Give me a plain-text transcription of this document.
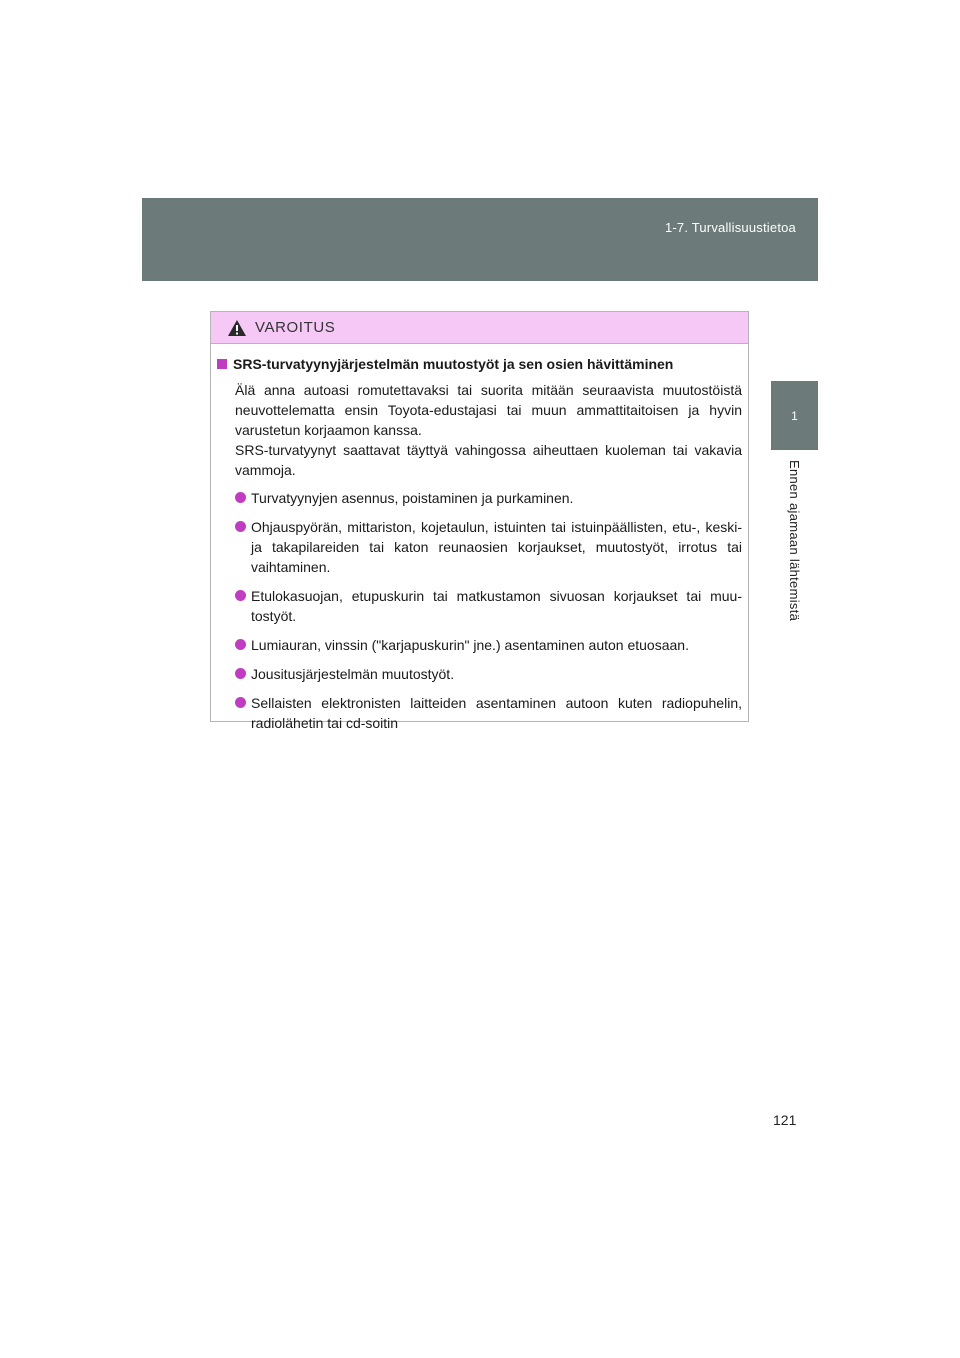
1-7. Turvallisuustietoa
1
Ennen ajamaan lähtemistä
VAROITUS
SRS-turvatyynyjärjestelmän muutostyöt ja sen osien hävittäminen

Älä anna autoasi romutettavaksi tai suorita mitään seuraavista muutostöistä neuvottelematta ensin Toyota-edustajasi tai muun ammattitaitoisen ja hyvin varustetun korjaamon kanssa.
SRS-turvatyynyt saattavat täyttyä vahingossa aiheuttaen kuoleman tai vakavia vammoja.

Turvatyynyjen asennus, poistaminen ja purkaminen.
Ohjauspyörän, mittariston, kojetaulun, istuinten tai istuinpäällisten, etu-, keski- ja takapilareiden tai katon reunaosien korjaukset, muutostyöt, irrotus tai vaihtaminen.
Etulokasuojan, etupuskurin tai matkustamon sivuosan korjaukset tai muu-tostyöt.
Lumiauran, vinssin ("karjapuskurin" jne.) asentaminen auton etuosaan.
Jousitusjärjestelmän muutostyöt.
Sellaisten elektronisten laitteiden asentaminen autoon kuten radiopuhelin, radiolähetin tai cd-soitin
121
